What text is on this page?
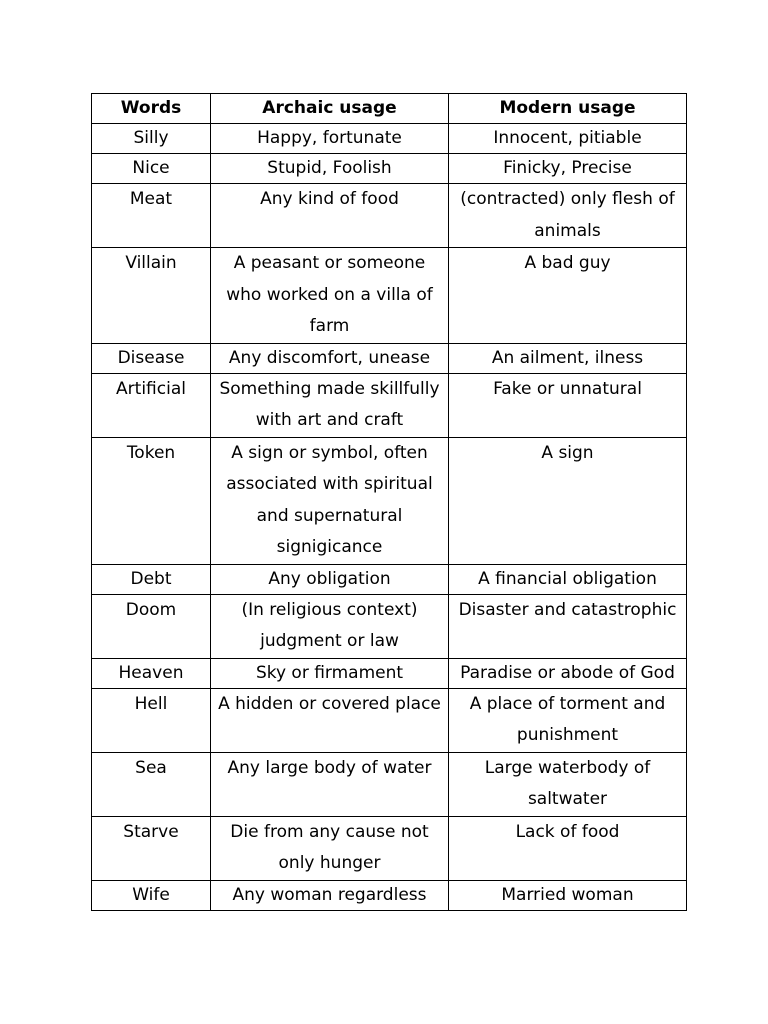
Words	Archaic usage	Modern usage
Silly	Happy, fortunate	Innocent, pitiable
Nice	Stupid, Foolish	Finicky, Precise
Meat	Any kind of food	(contracted) only flesh of animals
Villain	A peasant or someone who worked on a villa of farm	A bad guy
Disease	Any discomfort, unease	An ailment, ilness
Artificial	Something made skillfully with art and craft	Fake or unnatural
Token	A sign or symbol, often associated with spiritual and supernatural signigicance	A sign
Debt	Any obligation	A financial obligation
Doom	(In religious context) judgment or law	Disaster and catastrophic
Heaven	Sky or firmament	Paradise or abode of God
Hell	A hidden or covered place	A place of torment and punishment
Sea	Any large body of water	Large waterbody of saltwater
Starve	Die from any cause not only hunger	Lack of food
Wife	Any woman regardless	Married woman
